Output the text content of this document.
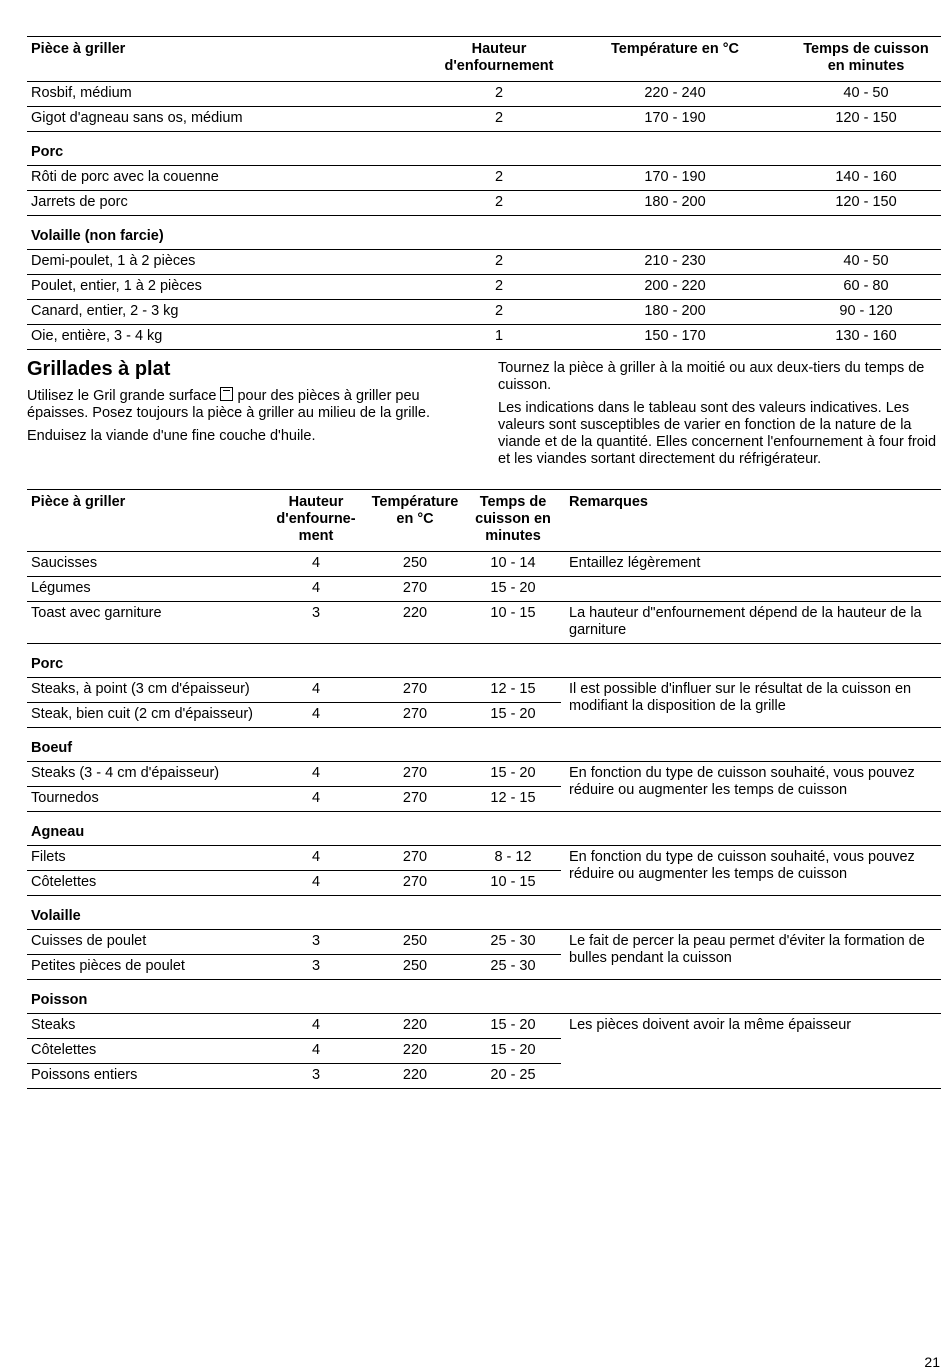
Pièce à griller	Hauteur d'enfournement	Température en °C	Temps de cuisson en minutes
Rosbif, médium	2	220 - 240	40 - 50
Gigot d'agneau sans os, médium	2	170 - 190	120 - 150
Porc			
Rôti de porc avec la couenne	2	170 - 190	140 - 160
Jarrets de porc	2	180 - 200	120 - 150
Volaille (non farcie)			
Demi-poulet, 1 à 2 pièces	2	210 - 230	40 - 50
Poulet, entier, 1 à 2 pièces	2	200 - 220	60 - 80
Canard, entier, 2 - 3 kg	2	180 - 200	90 - 120
Oie, entière, 3 - 4 kg	1	150 - 170	130 - 160
Grillades à plat

Utilisez le Gril grande surface  pour des pièces à griller peu épaisses. Posez toujours la pièce à griller au milieu de la grille.

Enduisez la viande d'une fine couche d'huile.

Tournez la pièce à griller à la moitié ou aux deux-tiers du temps de cuisson.

Les indications dans le tableau sont des valeurs indicatives. Les valeurs sont susceptibles de varier en fonction de la nature de la viande et de la quantité. Elles concernent l'enfournement à four froid et les viandes sortant directement du réfrigérateur.

Pièce à griller	Hauteur d'enfourne-ment	Température en °C	Temps de cuisson en minutes	Remarques
Saucisses	4	250	10 - 14	Entaillez légèrement
Légumes	4	270	15 - 20	
Toast avec garniture	3	220	10 - 15	La hauteur d"enfournement dépend de la hauteur de la garniture
Porc				
Steaks, à point (3 cm d'épaisseur)	4	270	12 - 15	Il est possible d'influer sur le résultat de la cuisson en modifiant la disposition de la grille
Steak, bien cuit (2 cm d'épaisseur)	4	270	15 - 20	
Boeuf				
Steaks (3 - 4 cm d'épaisseur)	4	270	15 - 20	En fonction du type de cuisson souhaité, vous pouvez réduire ou augmenter les temps de cuisson
Tournedos	4	270	12 - 15	
Agneau				
Filets	4	270	8 - 12	En fonction du type de cuisson souhaité, vous pouvez réduire ou augmenter les temps de cuisson
Côtelettes	4	270	10 - 15	
Volaille				
Cuisses de poulet	3	250	25 - 30	Le fait de percer la peau permet d'éviter la formation de bulles pendant la cuisson
Petites pièces de poulet	3	250	25 - 30	
Poisson				
Steaks	4	220	15 - 20	Les pièces doivent avoir la même épaisseur
Côtelettes	4	220	15 - 20	
Poissons entiers	3	220	20 - 25	
21
